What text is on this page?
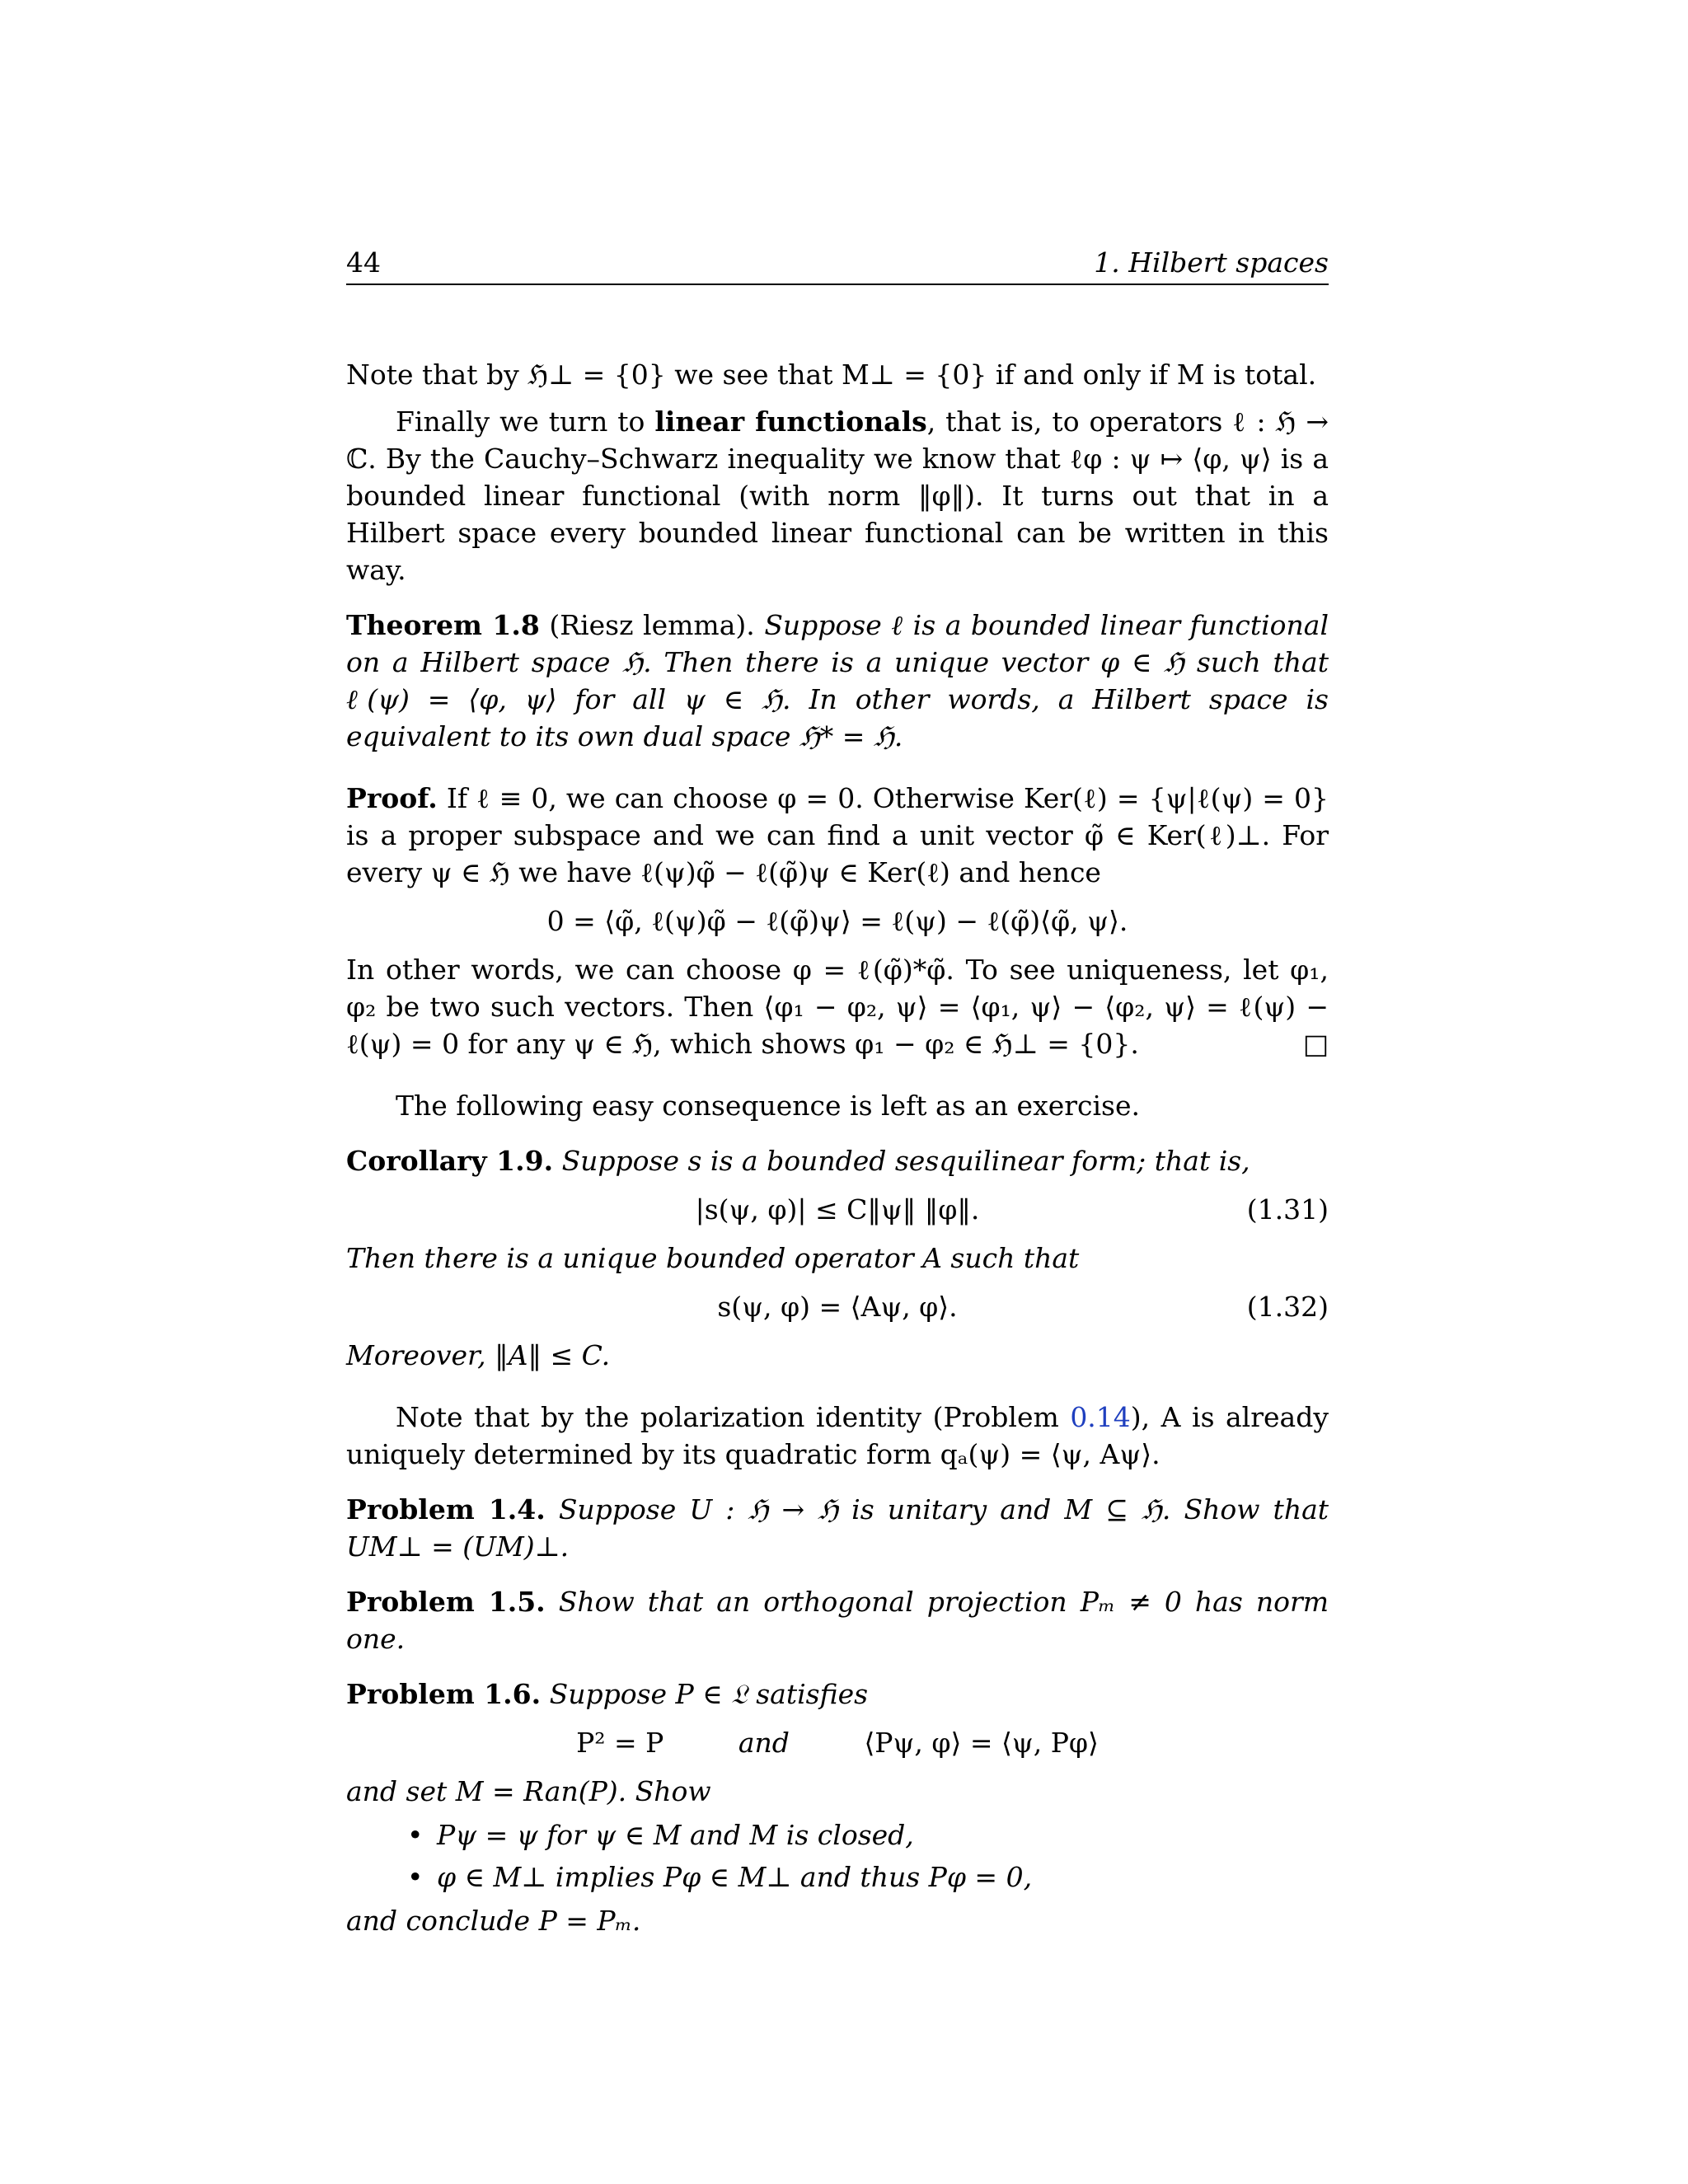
44	1. Hilbert spaces

Note that by ℌ⊥ = {0} we see that M⊥ = {0} if and only if M is total.

Finally we turn to linear functionals, that is, to operators ℓ : ℌ → ℂ. By the Cauchy–Schwarz inequality we know that ℓφ : ψ ↦ ⟨φ, ψ⟩ is a bounded linear functional (with norm ‖φ‖). It turns out that in a Hilbert space every bounded linear functional can be written in this way.

Theorem 1.8 (Riesz lemma). Suppose ℓ is a bounded linear functional on a Hilbert space ℌ. Then there is a unique vector φ ∈ ℌ such that ℓ(ψ) = ⟨φ, ψ⟩ for all ψ ∈ ℌ. In other words, a Hilbert space is equivalent to its own dual space ℌ* = ℌ.

Proof. If ℓ ≡ 0, we can choose φ = 0. Otherwise Ker(ℓ) = {ψ|ℓ(ψ) = 0} is a proper subspace and we can find a unit vector φ̃ ∈ Ker(ℓ)⊥. For every ψ ∈ ℌ we have ℓ(ψ)φ̃ − ℓ(φ̃)ψ ∈ Ker(ℓ) and hence

0 = ⟨φ̃, ℓ(ψ)φ̃ − ℓ(φ̃)ψ⟩ = ℓ(ψ) − ℓ(φ̃)⟨φ̃, ψ⟩.

In other words, we can choose φ = ℓ(φ̃)*φ̃. To see uniqueness, let φ₁, φ₂ be two such vectors. Then ⟨φ₁ − φ₂, ψ⟩ = ⟨φ₁, ψ⟩ − ⟨φ₂, ψ⟩ = ℓ(ψ) − ℓ(ψ) = 0 for any ψ ∈ ℌ, which shows φ₁ − φ₂ ∈ ℌ⊥ = {0}.	□

The following easy consequence is left as an exercise.

Corollary 1.9. Suppose s is a bounded sesquilinear form; that is,

|s(ψ, φ)| ≤ C‖ψ‖ ‖φ‖.	(1.31)

Then there is a unique bounded operator A such that

s(ψ, φ) = ⟨Aψ, φ⟩.	(1.32)

Moreover, ‖A‖ ≤ C.

Note that by the polarization identity (Problem 0.14), A is already uniquely determined by its quadratic form qₐ(ψ) = ⟨ψ, Aψ⟩.

Problem 1.4. Suppose U : ℌ → ℌ is unitary and M ⊆ ℌ. Show that UM⊥ = (UM)⊥.

Problem 1.5. Show that an orthogonal projection Pₘ ≠ 0 has norm one.

Problem 1.6. Suppose P ∈ 𝔏 satisfies

P² = P	and	⟨Pψ, φ⟩ = ⟨ψ, Pφ⟩

and set M = Ran(P). Show

• Pψ = ψ for ψ ∈ M and M is closed,
• φ ∈ M⊥ implies Pφ ∈ M⊥ and thus Pφ = 0,

and conclude P = Pₘ.
